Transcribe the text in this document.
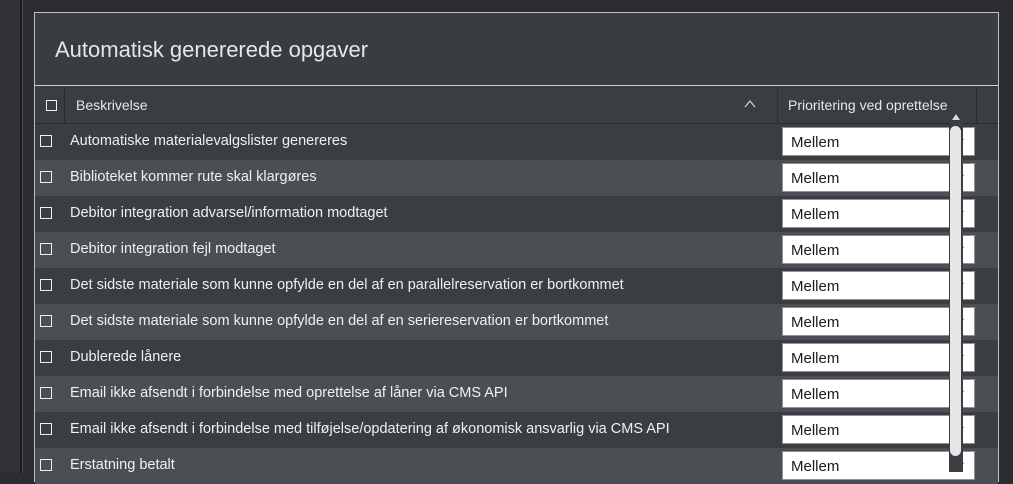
Automatisk genererede opgaver
Beskrivelse	Prioritering ved oprettelse
Automatiske materialevalgslister genereres	Mellem
Biblioteket kommer rute skal klargøres	Mellem
Debitor integration advarsel/information modtaget	Mellem
Debitor integration fejl modtaget	Mellem
Det sidste materiale som kunne opfylde en del af en parallelreservation er bortkommet	Mellem
Det sidste materiale som kunne opfylde en del af en seriereservation er bortkommet	Mellem
Dublerede lånere	Mellem
Email ikke afsendt i forbindelse med oprettelse af låner via CMS API	Mellem
Email ikke afsendt i forbindelse med tilføjelse/opdatering af økonomisk ansvarlig via CMS API	Mellem
Erstatning betalt	Mellem
